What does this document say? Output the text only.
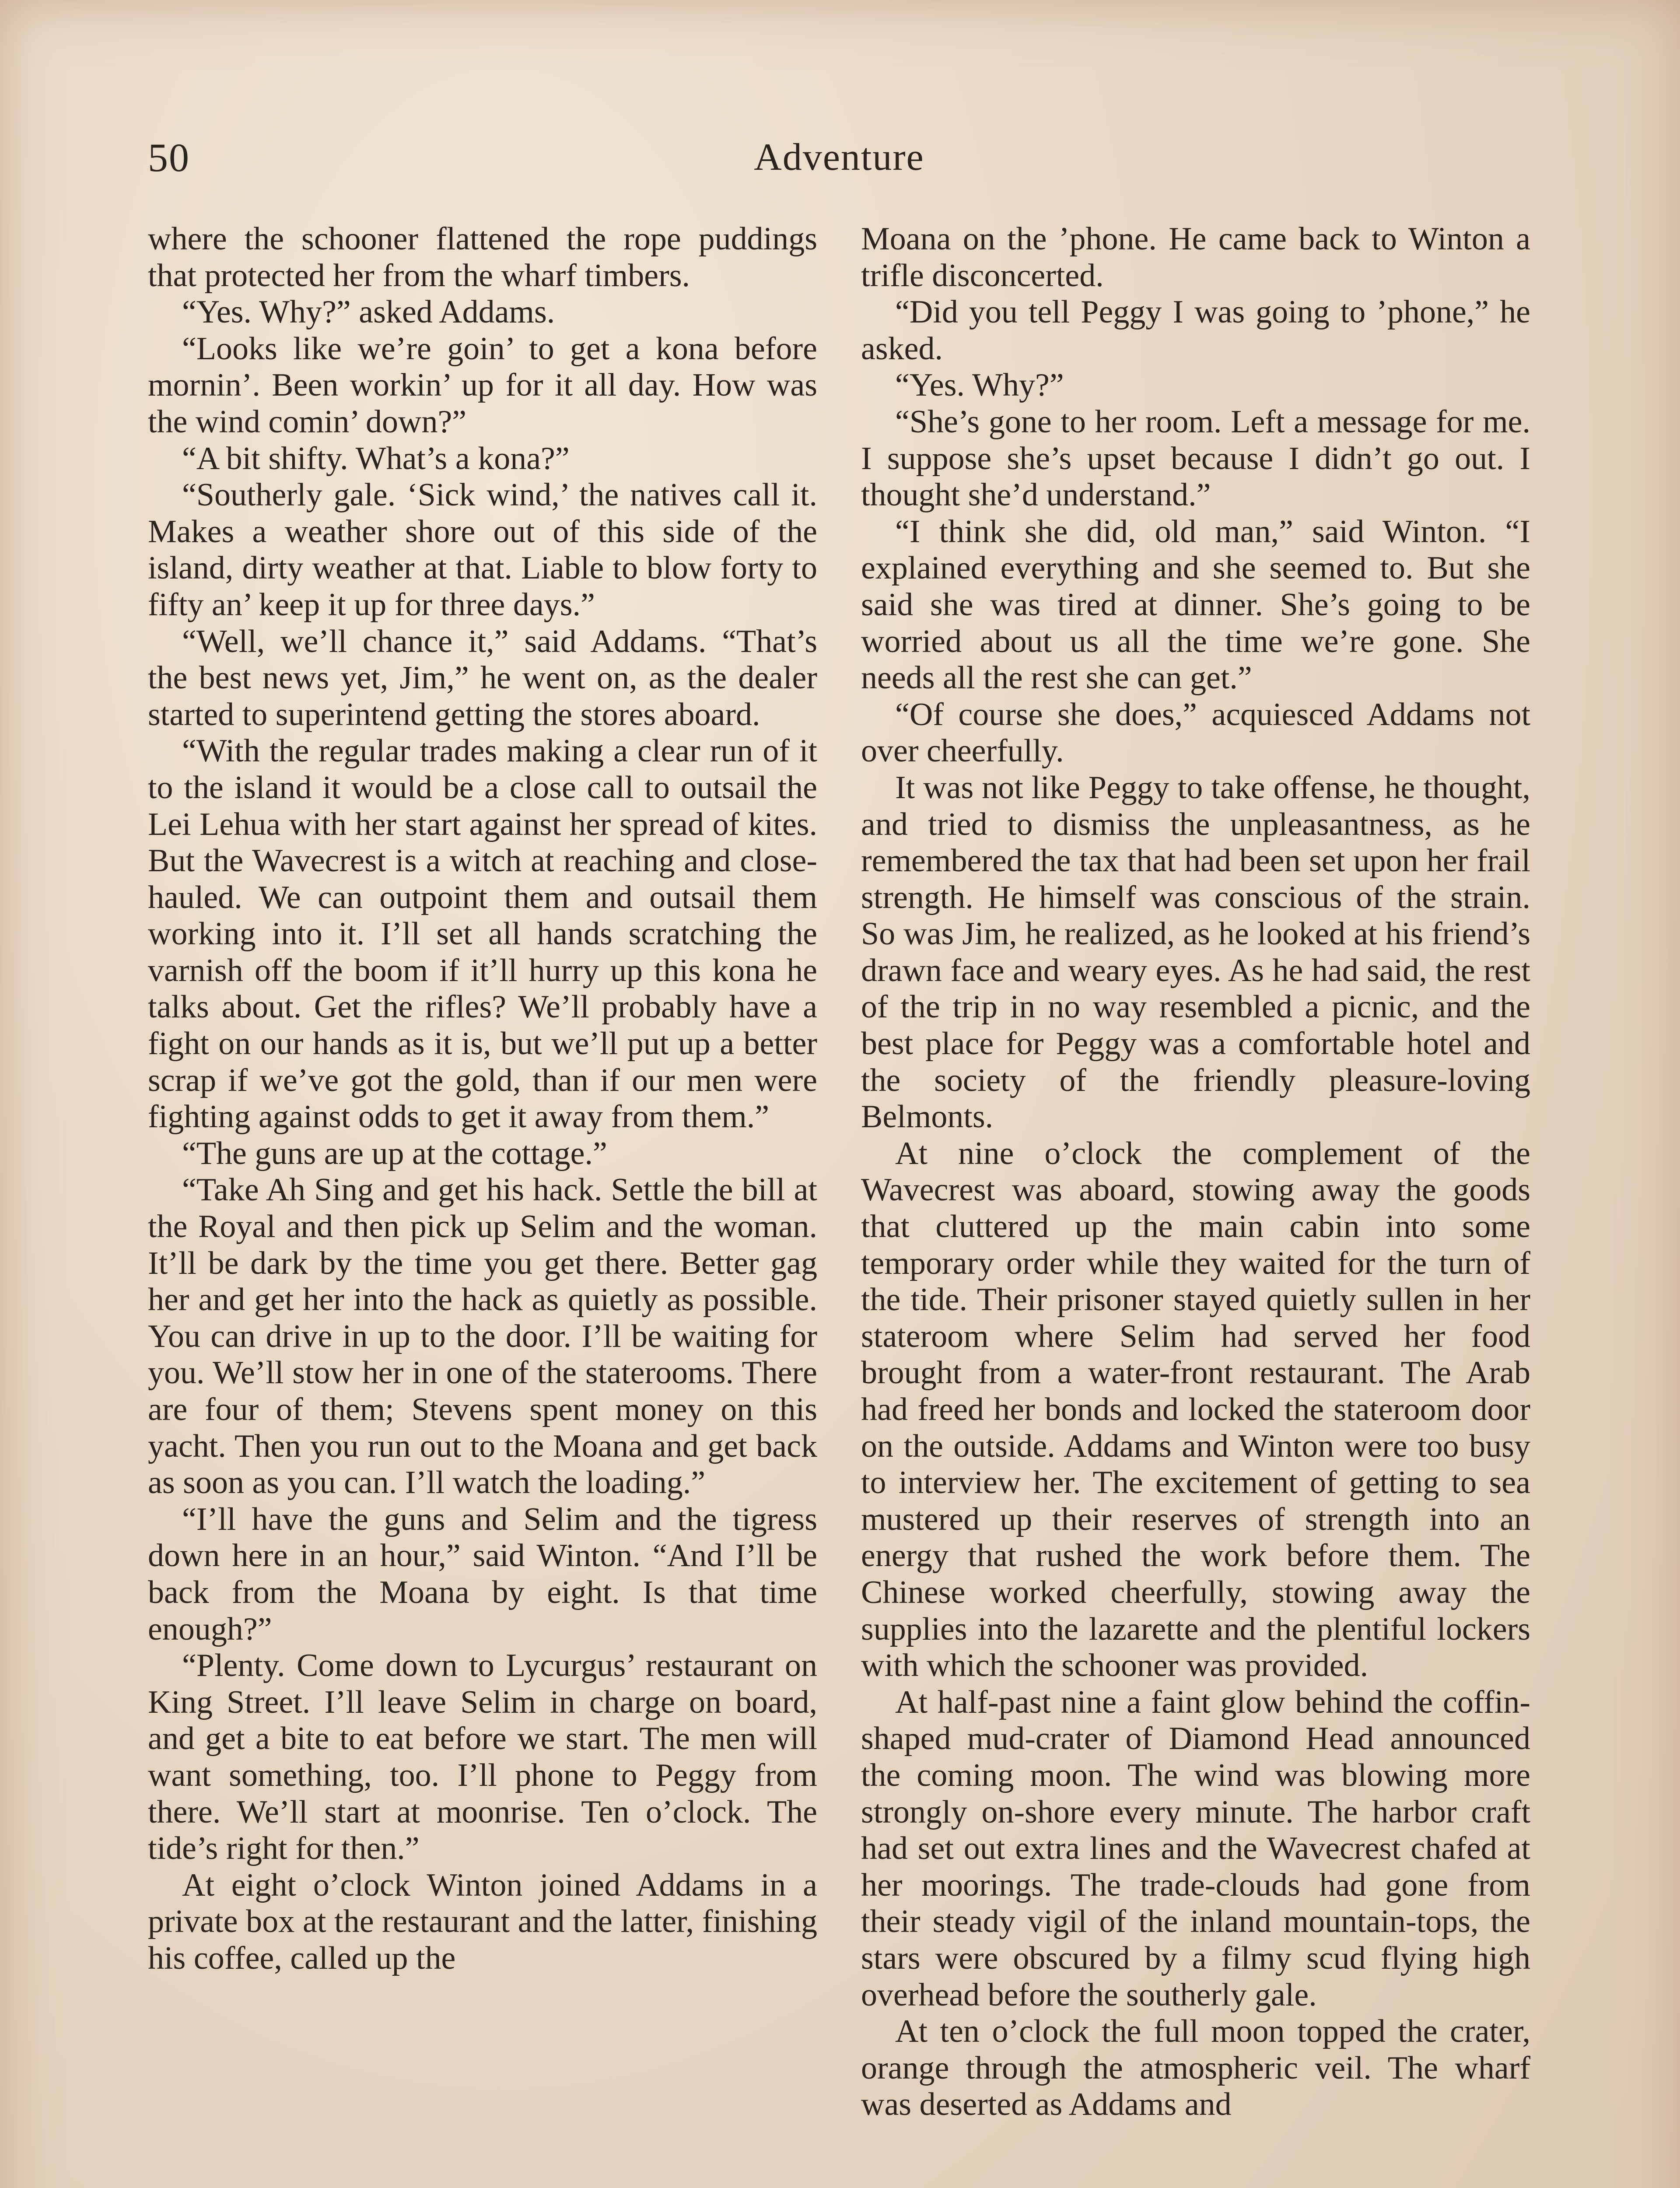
50	Adventure

where the schooner flattened the rope puddings that protected her from the wharf timbers.

“Yes. Why?” asked Addams.

“Looks like we’re goin’ to get a kona before mornin’. Been workin’ up for it all day. How was the wind comin’ down?”

“A bit shifty. What’s a kona?”

“Southerly gale. ‘Sick wind,’ the natives call it. Makes a weather shore out of this side of the island, dirty weather at that. Liable to blow forty to fifty an’ keep it up for three days.”

“Well, we’ll chance it,” said Addams. “That’s the best news yet, Jim,” he went on, as the dealer started to superintend getting the stores aboard.

“With the regular trades making a clear run of it to the island it would be a close call to outsail the Lei Lehua with her start against her spread of kites. But the Wavecrest is a witch at reaching and close-hauled. We can outpoint them and outsail them working into it. I’ll set all hands scratching the varnish off the boom if it’ll hurry up this kona he talks about. Get the rifles? We’ll probably have a fight on our hands as it is, but we’ll put up a better scrap if we’ve got the gold, than if our men were fighting against odds to get it away from them.”

“The guns are up at the cottage.”

“Take Ah Sing and get his hack. Settle the bill at the Royal and then pick up Selim and the woman. It’ll be dark by the time you get there. Better gag her and get her into the hack as quietly as possible. You can drive in up to the door. I’ll be waiting for you. We’ll stow her in one of the staterooms. There are four of them; Stevens spent money on this yacht. Then you run out to the Moana and get back as soon as you can. I’ll watch the loading.”

“I’ll have the guns and Selim and the tigress down here in an hour,” said Winton. “And I’ll be back from the Moana by eight. Is that time enough?”

“Plenty. Come down to Lycurgus’ restaurant on King Street. I’ll leave Selim in charge on board, and get a bite to eat before we start. The men will want something, too. I’ll phone to Peggy from there. We’ll start at moonrise. Ten o’clock. The tide’s right for then.”

At eight o’clock Winton joined Addams in a private box at the restaurant and the latter, finishing his coffee, called up the

Moana on the ’phone. He came back to Winton a trifle disconcerted.

“Did you tell Peggy I was going to ’phone,” he asked.

“Yes. Why?”

“She’s gone to her room. Left a message for me. I suppose she’s upset because I didn’t go out. I thought she’d understand.”

“I think she did, old man,” said Winton. “I explained everything and she seemed to. But she said she was tired at dinner. She’s going to be worried about us all the time we’re gone. She needs all the rest she can get.”

“Of course she does,” acquiesced Addams not over cheerfully.

It was not like Peggy to take offense, he thought, and tried to dismiss the unpleasantness, as he remembered the tax that had been set upon her frail strength. He himself was conscious of the strain. So was Jim, he realized, as he looked at his friend’s drawn face and weary eyes. As he had said, the rest of the trip in no way resembled a picnic, and the best place for Peggy was a comfortable hotel and the society of the friendly pleasure-loving Belmonts.

At nine o’clock the complement of the Wavecrest was aboard, stowing away the goods that cluttered up the main cabin into some temporary order while they waited for the turn of the tide. Their prisoner stayed quietly sullen in her stateroom where Selim had served her food brought from a water-front restaurant. The Arab had freed her bonds and locked the stateroom door on the outside. Addams and Winton were too busy to interview her. The excitement of getting to sea mustered up their reserves of strength into an energy that rushed the work before them. The Chinese worked cheerfully, stowing away the supplies into the lazarette and the plentiful lockers with which the schooner was provided.

At half-past nine a faint glow behind the coffin-shaped mud-crater of Diamond Head announced the coming moon. The wind was blowing more strongly on-shore every minute. The harbor craft had set out extra lines and the Wavecrest chafed at her moorings. The trade-clouds had gone from their steady vigil of the inland mountain-tops, the stars were obscured by a filmy scud flying high overhead before the southerly gale.

At ten o’clock the full moon topped the crater, orange through the atmospheric veil. The wharf was deserted as Addams and
